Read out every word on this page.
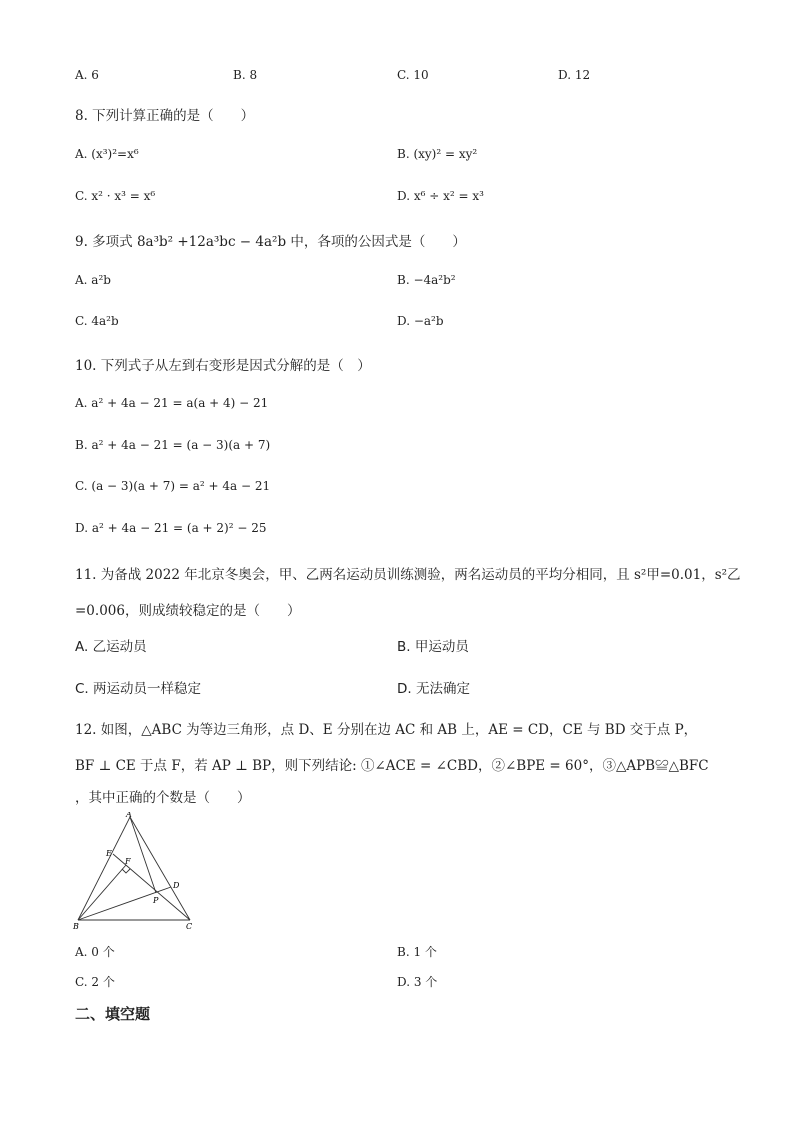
A. 6	B. 8	C. 10	D. 12
8. 下列计算正确的是（　　）
A. (x³)²=x⁶	B. (xy)² = xy²
C. x² · x³ = x⁶	D. x⁶ ÷ x² = x³
9. 多项式 8a³b² +12a³bc − 4a²b 中，各项的公因式是（　　）
A. a²b	B. −4a²b²
C. 4a²b	D. −a²b
10. 下列式子从左到右变形是因式分解的是（　）
A. a² + 4a − 21 = a(a + 4) − 21
B. a² + 4a − 21 = (a − 3)(a + 7)
C. (a − 3)(a + 7) = a² + 4a − 21
D. a² + 4a − 21 = (a + 2)² − 25
11. 为备战 2022 年北京冬奥会，甲、乙两名运动员训练测验，两名运动员的平均分相同，且 s²甲=0.01，s²乙
=0.006，则成绩较稳定的是（　　）
A. 乙运动员	B. 甲运动员
C. 两运动员一样稳定	D. 无法确定
12. 如图，△ABC 为等边三角形，点 D、E 分别在边 AC 和 AB 上，AE = CD，CE 与 BD 交于点 P，
BF ⊥ CE 于点 F，若 AP ⊥ BP，则下列结论: ①∠ACE = ∠CBD，②∠BPE = 60°，③△APB≌△BFC
，其中正确的个数是（　　）
A
B	C
D
E
F
P
A. 0 个	B. 1 个
C. 2 个	D. 3 个
二、填空题
